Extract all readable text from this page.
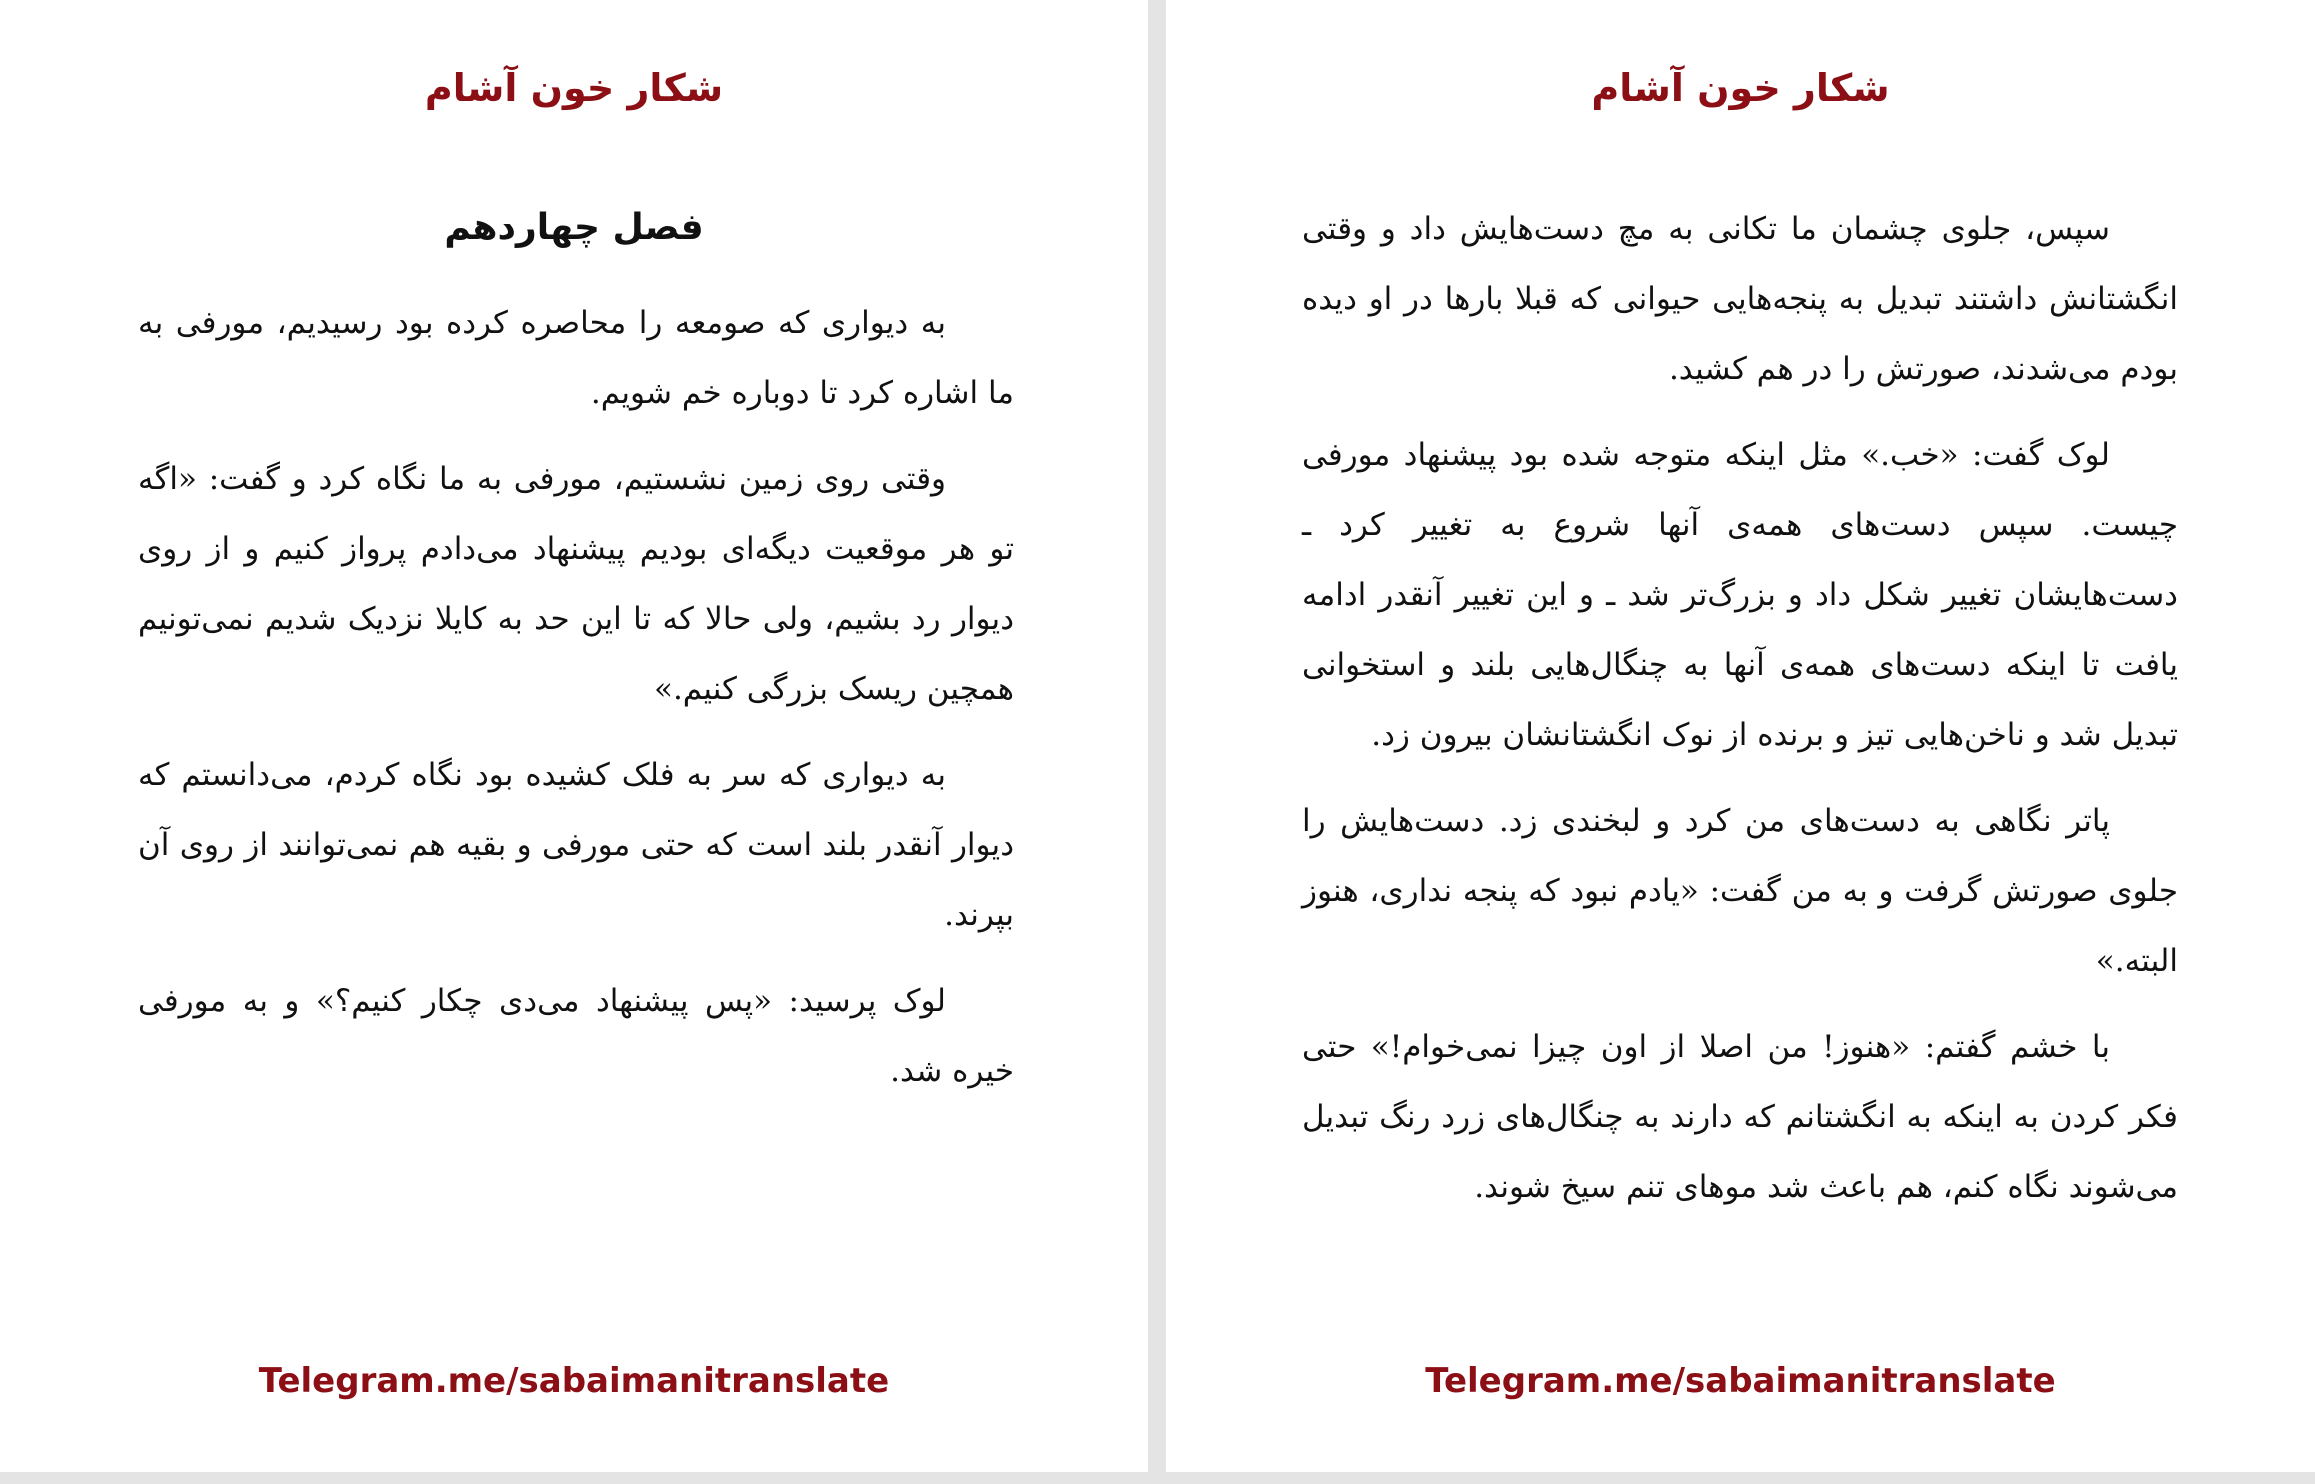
شکار خون آشام
فصل چهاردهم

به دیواری که صومعه را محاصره کرده بود رسیدیم، مورفی به ما اشاره کرد تا دوباره خم شویم.

وقتی روی زمین نشستیم، مورفی به ما نگاه کرد و گفت: «اگه تو هر موقعیت دیگه‌ای بودیم پیشنهاد می‌دادم پرواز کنیم و از روی دیوار رد بشیم، ولی حالا که تا این حد به کایلا نزدیک شدیم نمی‌تونیم همچین ریسک بزرگی کنیم.»

به دیواری که سر به فلک کشیده بود نگاه کردم، می‌دانستم که دیوار آنقدر بلند است که حتی مورفی و بقیه هم نمی‌توانند از روی آن بپرند.

لوک پرسید: «پس پیشنهاد می‌دی چکار کنیم؟» و به مورفی خیره شد.

Telegram.me/sabaimanitranslate
شکار خون آشام

سپس، جلوی چشمان ما تکانی به مچ دست‌هایش داد و وقتی انگشتانش داشتند تبدیل به پنجه‌هایی حیوانی که قبلا بارها در او دیده بودم می‌شدند، صورتش را در هم کشید.

لوک گفت: «خب.» مثل اینکه متوجه شده بود پیشنهاد مورفی چیست. سپس دست‌های همه‌ی آنها شروع به تغییر کرد ـ دست‌هایشان تغییر شکل داد و بزرگ‌تر شد ـ و این تغییر آنقدر ادامه یافت تا اینکه دست‌های همه‌ی آنها به چنگال‌هایی بلند و استخوانی تبدیل شد و ناخن‌هایی تیز و برنده از نوک انگشتانشان بیرون زد.

پاتر نگاهی به دست‌های من کرد و لبخندی زد. دست‌هایش را جلوی صورتش گرفت و به من گفت: «یادم نبود که پنجه نداری، هنوز البته.»

با خشم گفتم: «هنوز! من اصلا از اون چیزا نمی‌خوام!» حتی فکر کردن به اینکه به انگشتانم که دارند به چنگال‌های زرد رنگ تبدیل می‌شوند نگاه کنم، هم باعث شد موهای تنم سیخ شوند.

Telegram.me/sabaimanitranslate
